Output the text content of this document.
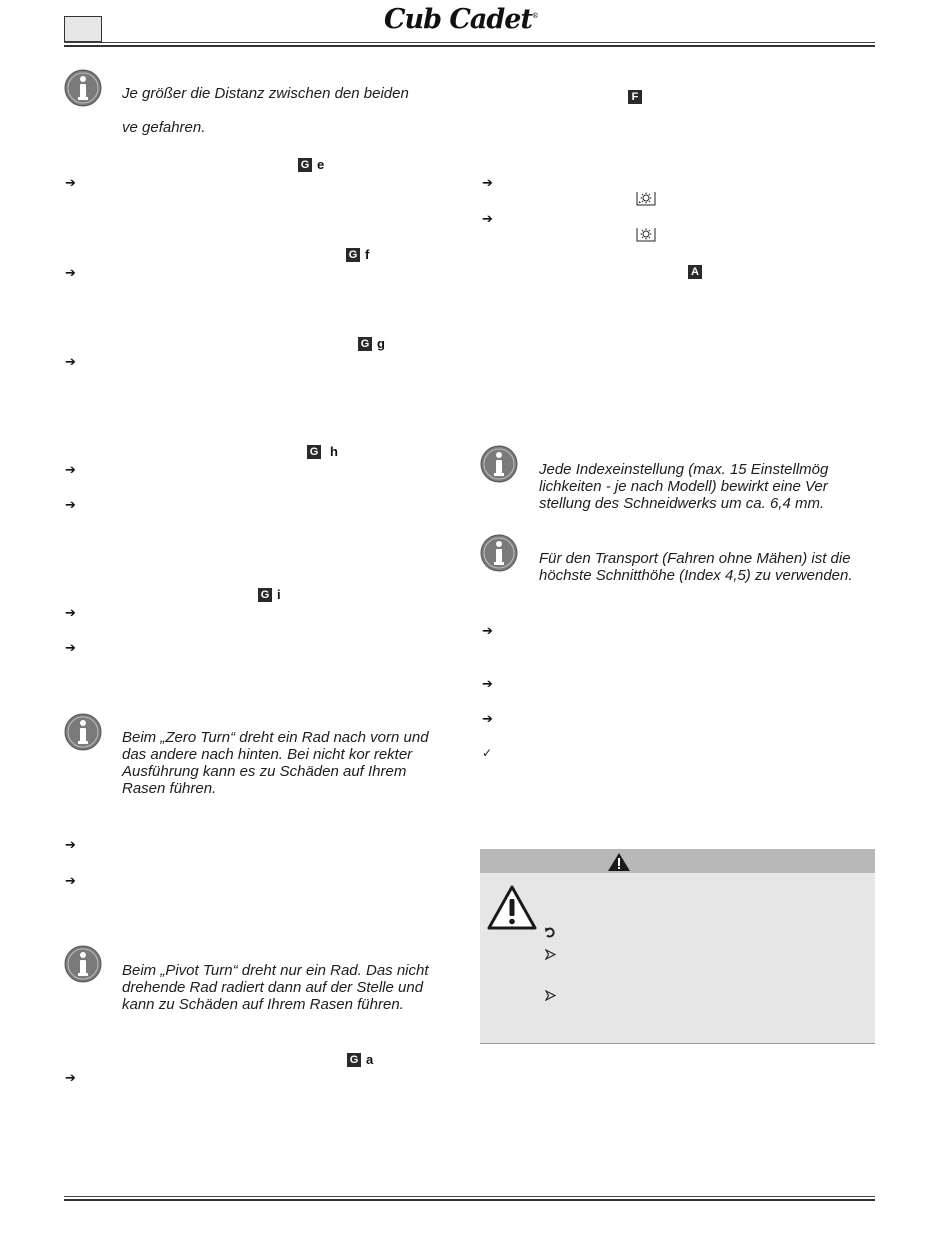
Cub Cadet®
Je größer die Distanz zwischen den beiden
ve gefahren.
G e
➔
G f
➔
G g
➔
G h
➔
➔
G i
➔
➔
Beim „Zero Turn“ dreht ein Rad nach vorn und das andere nach hinten. Bei nicht kor rekter Ausführung kann es zu Schäden auf Ihrem Rasen führen.
➔
➔
Beim „Pivot Turn“ dreht nur ein Rad. Das nicht drehende Rad radiert dann auf der Stelle und kann zu Schäden auf Ihrem Rasen führen.
G a
➔
F
➔
➔
A
Jede Indexeinstellung (max. 15 Einstellmög lichkeiten - je nach Modell) bewirkt eine Ver stellung des Schneidwerks um ca. 6,4 mm.
Für den Transport (Fahren ohne Mähen) ist die höchste Schnitthöhe (Index 4,5) zu verwenden.
➔
➔
➔
✓
